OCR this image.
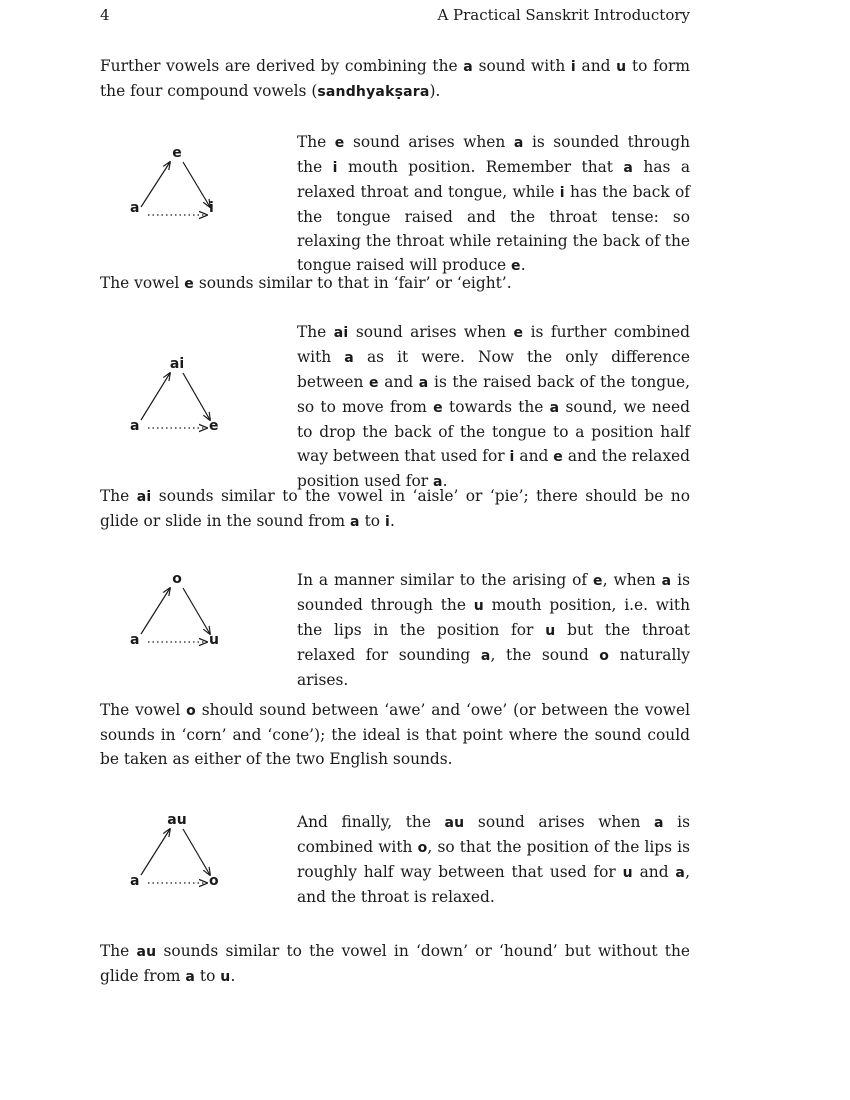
4	A Practical Sanskrit Introductory
Further vowels are derived by combining the a sound with i and u to form the four compound vowels (sandhyakṣara).
e
a	i
The e sound arises when a is sounded through the i mouth position. Remember that a has a relaxed throat and tongue, while i has the back of the tongue raised and the throat tense: so relaxing the throat while retaining the back of the tongue raised will produce e.
The vowel e sounds similar to that in ‘fair’ or ‘eight’.
ai
a	e
The ai sound arises when e is further combined with a as it were. Now the only difference between e and a is the raised back of the tongue, so to move from e towards the a sound, we need to drop the back of the tongue to a position half way between that used for i and e and the relaxed position used for a.
The ai sounds similar to the vowel in ‘aisle’ or ‘pie’; there should be no glide or slide in the sound from a to i.
o
a	u
In a manner similar to the arising of e, when a is sounded through the u mouth position, i.e. with the lips in the position for u but the throat relaxed for sounding a, the sound o naturally arises.
The vowel o should sound between ‘awe’ and ‘owe’ (or between the vowel sounds in ‘corn’ and ‘cone’); the ideal is that point where the sound could be taken as either of the two English sounds.
au
a	o
And finally, the au sound arises when a is combined with o, so that the position of the lips is roughly half way between that used for u and a, and the throat is relaxed.
The au sounds similar to the vowel in ‘down’ or ‘hound’ but without the glide from a to u.
